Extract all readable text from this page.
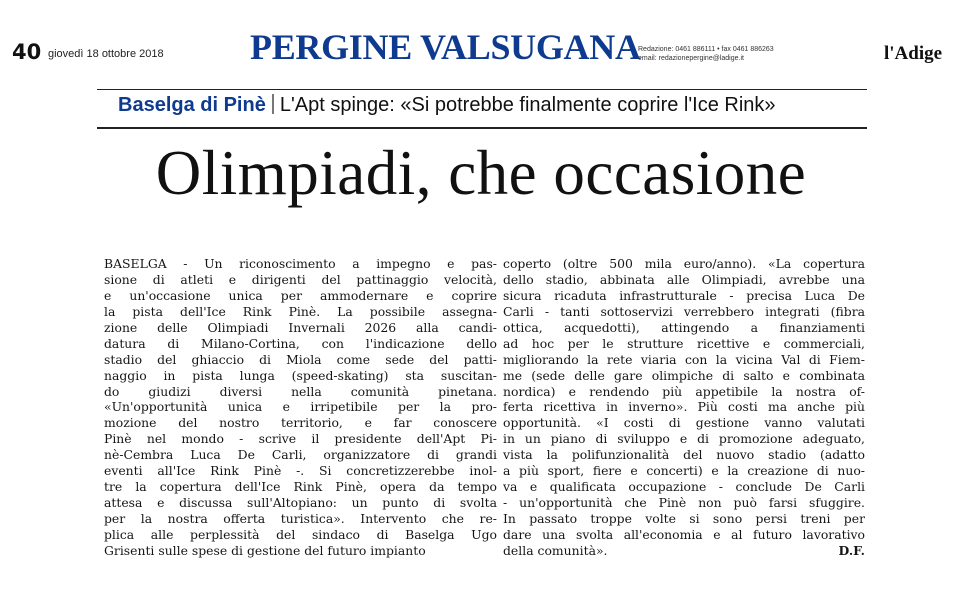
40 giovedì 18 ottobre 2018 PERGINE VALSUGANA
Redazione: 0461 886111 • fax 0461 886263
email: redazionepergine@ladige.it	l'Adige
Baselga di Pinè L'Apt spinge: «Si potrebbe finalmente coprire l'Ice Rink»
Olimpiadi, che occasione
BASELGA - Un riconoscimento a impegno e pas-
sione di atleti e dirigenti del pattinaggio velocità,
e un'occasione unica per ammodernare e coprire
la pista dell'Ice Rink Pinè. La possibile assegna-
zione delle Olimpiadi Invernali 2026 alla candi-
datura di Milano-Cortina, con l'indicazione dello
stadio del ghiaccio di Miola come sede del patti-
naggio in pista lunga (speed-skating) sta suscitan-
do giudizi diversi nella comunità pinetana.
«Un'opportunità unica e irripetibile per la pro-
mozione del nostro territorio, e far conoscere
Pinè nel mondo - scrive il presidente dell'Apt Pi-
nè-Cembra Luca De Carli, organizzatore di grandi
eventi all'Ice Rink Pinè -. Si concretizzerebbe inol-
tre la copertura dell'Ice Rink Pinè, opera da tempo
attesa e discussa sull'Altopiano: un punto di svolta
per la nostra offerta turistica». Intervento che re-
plica alle perplessità del sindaco di Baselga Ugo
Grisenti sulle spese di gestione del futuro impianto
coperto (oltre 500 mila euro/anno). «La copertura
dello stadio, abbinata alle Olimpiadi, avrebbe una
sicura ricaduta infrastrutturale - precisa Luca De
Carli - tanti sottoservizi verrebbero integrati (fibra
ottica, acquedotti), attingendo a finanziamenti
ad hoc per le strutture ricettive e commerciali,
migliorando la rete viaria con la vicina Val di Fiem-
me (sede delle gare olimpiche di salto e combinata
nordica) e rendendo più appetibile la nostra of-
ferta ricettiva in inverno». Più costi ma anche più
opportunità. «I costi di gestione vanno valutati
in un piano di sviluppo e di promozione adeguato,
vista la polifunzionalità del nuovo stadio (adatto
a più sport, fiere e concerti) e la creazione di nuo-
va e qualificata occupazione - conclude De Carli
- un'opportunità che Pinè non può farsi sfuggire.
In passato troppe volte si sono persi treni per
dare una svolta all'economia e al futuro lavorativo
della comunità».	D.F.
